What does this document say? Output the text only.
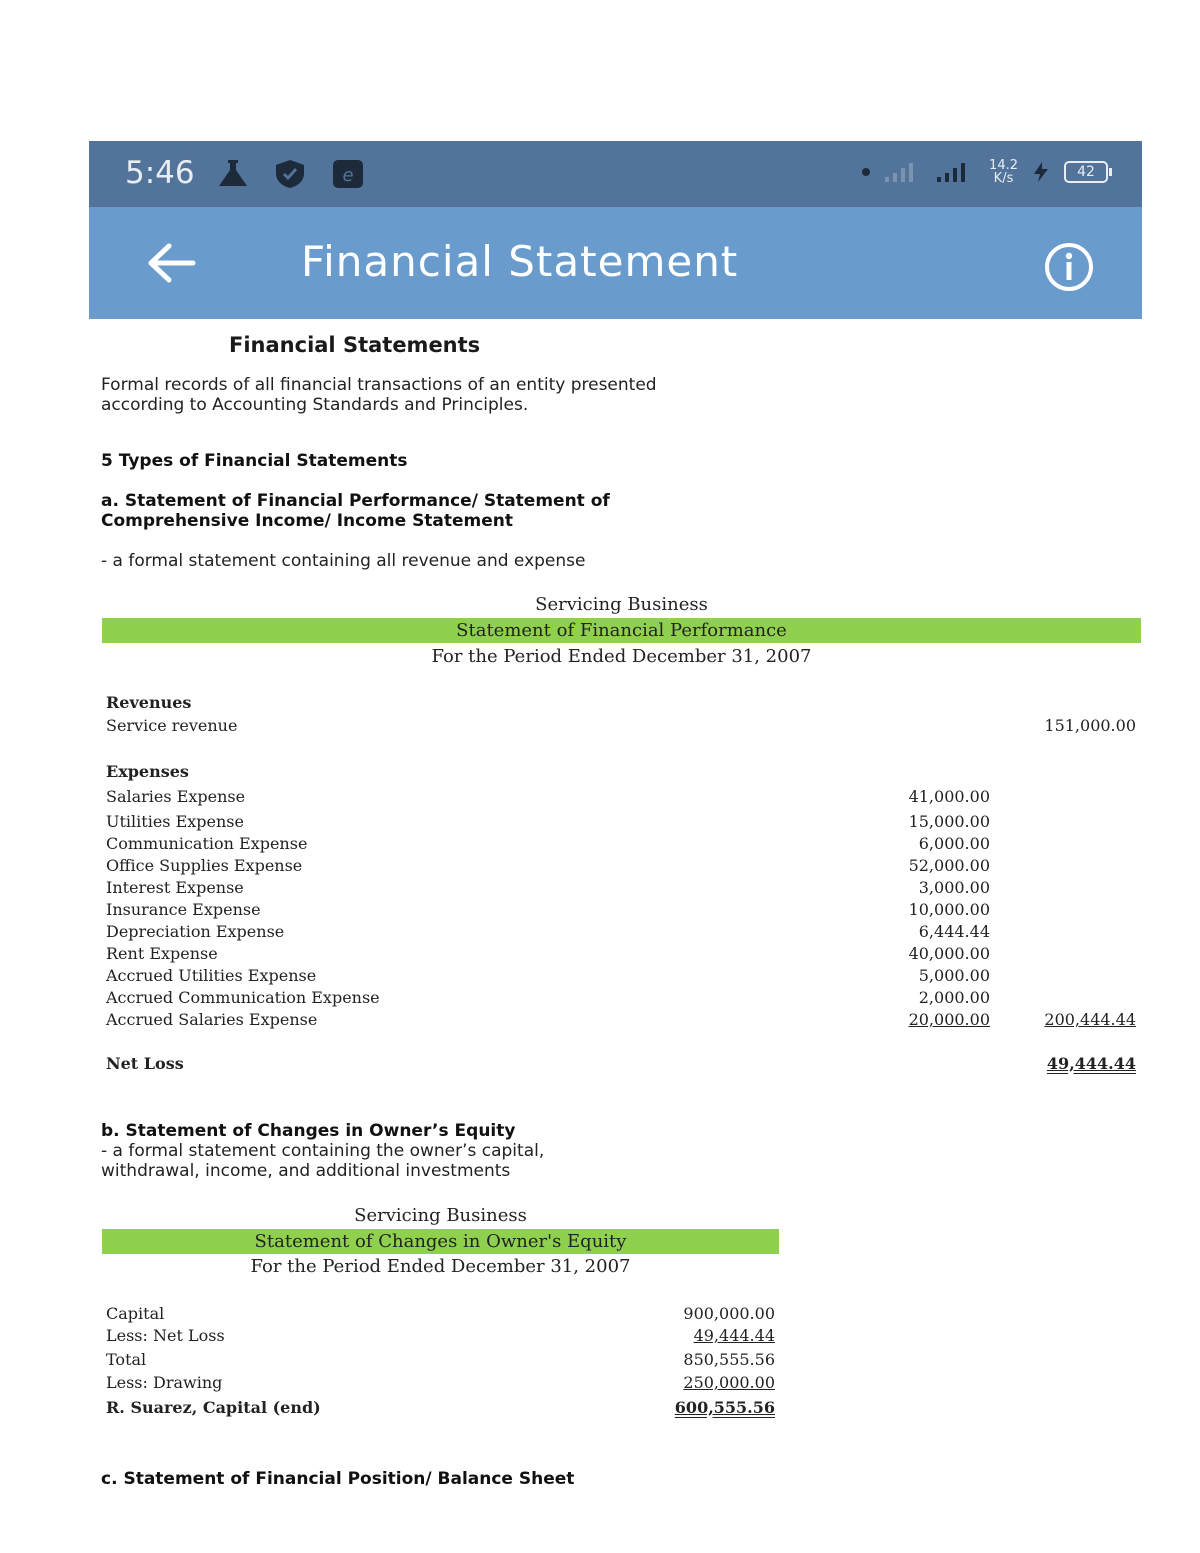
5:46	e	14.2
K/s	42
Financial Statement
Financial Statements
Formal records of all financial transactions of an entity presented according to Accounting Standards and Principles.
5 Types of Financial Statements
a. Statement of Financial Performance/ Statement of Comprehensive Income/ Income Statement
- a formal statement containing all revenue and expense
Servicing Business
Statement of Financial Performance
For the Period Ended December 31, 2007
Revenues
Service revenue	151,000.00
Expenses
Salaries Expense	41,000.00
Utilities Expense	15,000.00
Communication Expense	6,000.00
Office Supplies Expense	52,000.00
Interest Expense	3,000.00
Insurance Expense	10,000.00
Depreciation Expense	6,444.44
Rent Expense	40,000.00
Accrued Utilities Expense	5,000.00
Accrued Communication Expense	2,000.00
Accrued Salaries Expense	20,000.00	200,444.44
Net Loss	49,444.44
b. Statement of Changes in Owner’s Equity
- a formal statement containing the owner’s capital, withdrawal, income, and additional investments
Servicing Business
Statement of Changes in Owner's Equity
For the Period Ended December 31, 2007
Capital	900,000.00
Less: Net Loss	49,444.44
Total	850,555.56
Less: Drawing	250,000.00
R. Suarez, Capital (end)	600,555.56
c. Statement of Financial Position/ Balance Sheet
